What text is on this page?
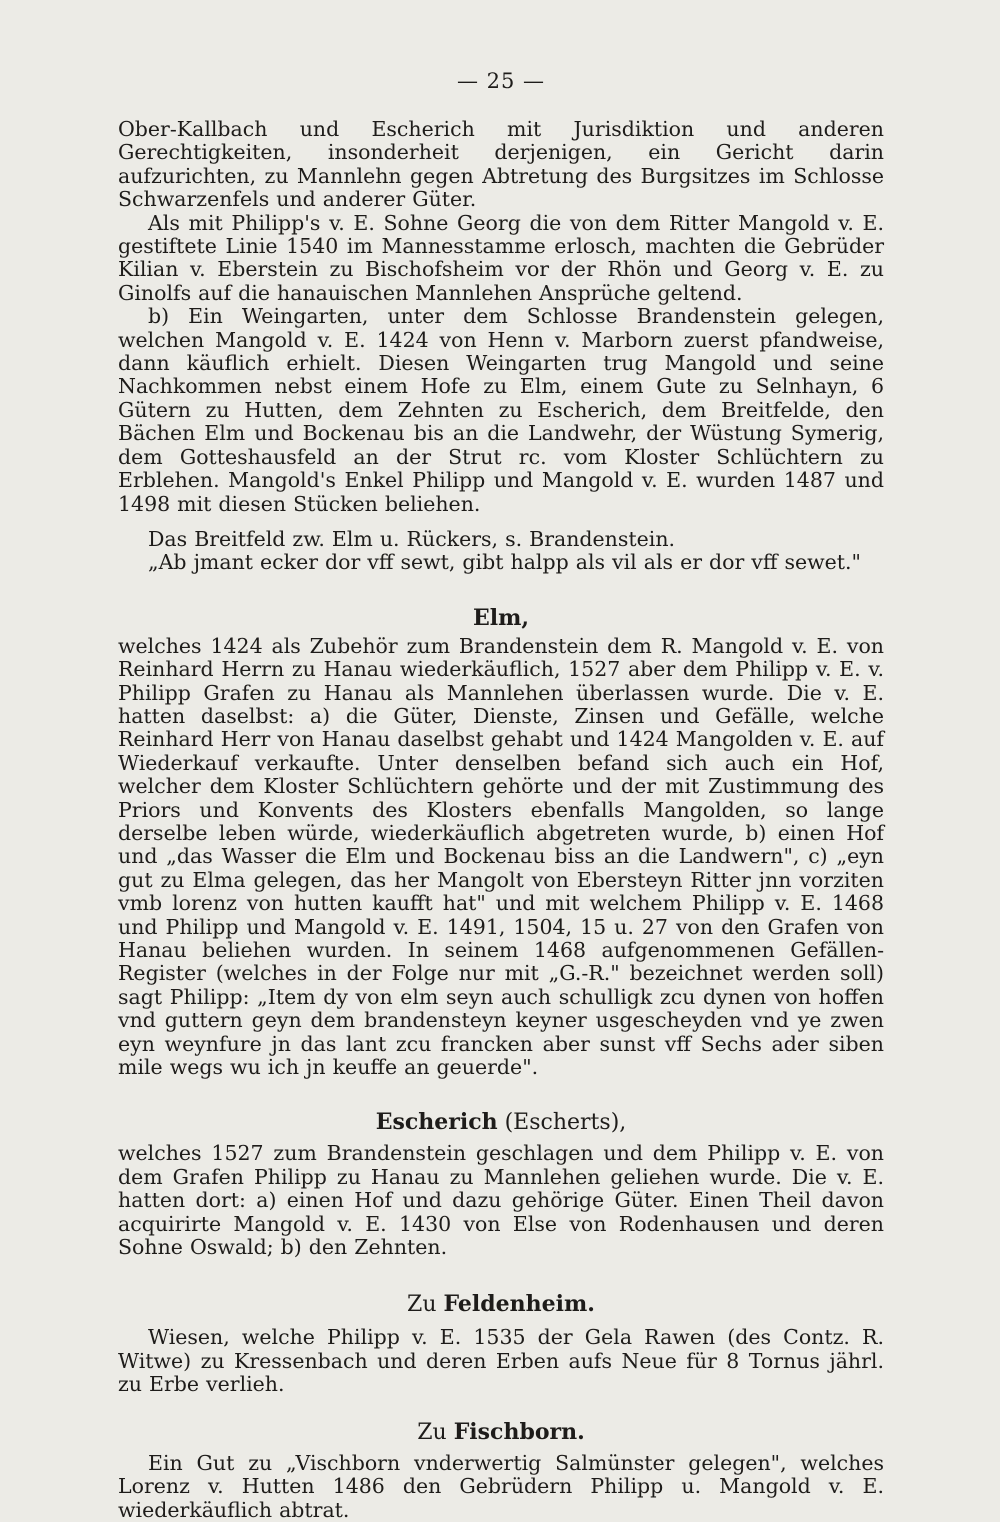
— 25 —

Ober-Kallbach und Escherich mit Jurisdiktion und anderen Gerechtigkeiten, insonderheit derjenigen, ein Gericht darin aufzurichten, zu Mannlehn gegen Abtretung des Burgsitzes im Schlosse Schwarzenfels und anderer Güter.

Als mit Philipp's v. E. Sohne Georg die von dem Ritter Mangold v. E. gestiftete Linie 1540 im Mannesstamme erlosch, machten die Gebrüder Kilian v. Eberstein zu Bischofsheim vor der Rhön und Georg v. E. zu Ginolfs auf die hanauischen Mannlehen Ansprüche geltend.

b) Ein Weingarten, unter dem Schlosse Brandenstein gelegen, welchen Mangold v. E. 1424 von Henn v. Marborn zuerst pfandweise, dann käuflich erhielt. Diesen Weingarten trug Mangold und seine Nachkommen nebst einem Hofe zu Elm, einem Gute zu Selnhayn, 6 Gütern zu Hutten, dem Zehnten zu Escherich, dem Breitfelde, den Bächen Elm und Bockenau bis an die Landwehr, der Wüstung Symerig, dem Gotteshausfeld an der Strut rc. vom Kloster Schlüchtern zu Erblehen. Mangold's Enkel Philipp und Mangold v. E. wurden 1487 und 1498 mit diesen Stücken beliehen.

Das Breitfeld zw. Elm u. Rückers, s. Brandenstein.

„Ab jmant ecker dor vff sewt, gibt halpp als vil als er dor vff sewet."

Elm,

welches 1424 als Zubehör zum Brandenstein dem R. Mangold v. E. von Reinhard Herrn zu Hanau wiederkäuflich, 1527 aber dem Philipp v. E. v. Philipp Grafen zu Hanau als Mannlehen überlassen wurde. Die v. E. hatten daselbst: a) die Güter, Dienste, Zinsen und Gefälle, welche Reinhard Herr von Hanau daselbst gehabt und 1424 Mangolden v. E. auf Wiederkauf verkaufte. Unter denselben befand sich auch ein Hof, welcher dem Kloster Schlüchtern gehörte und der mit Zustimmung des Priors und Konvents des Klosters ebenfalls Mangolden, so lange derselbe leben würde, wiederkäuflich abgetreten wurde, b) einen Hof und „das Wasser die Elm und Bockenau biss an die Landwern", c) „eyn gut zu Elma gelegen, das her Mangolt von Ebersteyn Ritter jnn vorziten vmb lorenz von hutten kaufft hat" und mit welchem Philipp v. E. 1468 und Philipp und Mangold v. E. 1491, 1504, 15 u. 27 von den Grafen von Hanau beliehen wurden. In seinem 1468 aufgenommenen Gefällen-Register (welches in der Folge nur mit „G.-R." bezeichnet werden soll) sagt Philipp: „Item dy von elm seyn auch schulligk zcu dynen von hoffen vnd guttern geyn dem brandensteyn keyner usgescheyden vnd ye zwen eyn weynfure jn das lant zcu francken aber sunst vff Sechs ader siben mile wegs wu ich jn keuffe an geuerde".

Escherich (Escherts),

welches 1527 zum Brandenstein geschlagen und dem Philipp v. E. von dem Grafen Philipp zu Hanau zu Mannlehen geliehen wurde. Die v. E. hatten dort: a) einen Hof und dazu gehörige Güter. Einen Theil davon acquirirte Mangold v. E. 1430 von Else von Rodenhausen und deren Sohne Oswald; b) den Zehnten.

Zu Feldenheim.

Wiesen, welche Philipp v. E. 1535 der Gela Rawen (des Contz. R. Witwe) zu Kressenbach und deren Erben aufs Neue für 8 Tornus jährl. zu Erbe verlieh.

Zu Fischborn.

Ein Gut zu „Vischborn vnderwertig Salmünster gelegen", welches Lorenz v. Hutten 1486 den Gebrüdern Philipp u. Mangold v. E. wiederkäuflich abtrat.
